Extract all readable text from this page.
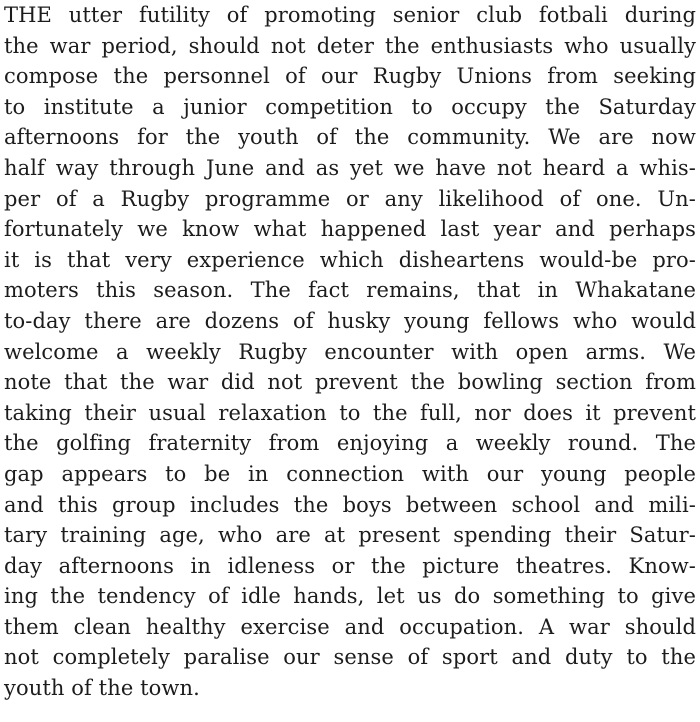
THE utter futility of promoting senior club fotbali during
the war period, should not deter the enthusiasts who usually
compose the personnel of our Rugby Unions from seeking
to institute a junior competition to occupy the Saturday
afternoons for the youth of the community. We are now
half way through June and as yet we have not heard a whis-
per of a Rugby programme or any likelihood of one. Un-
fortunately we know what happened last year and perhaps
it is that very experience which disheartens would-be pro-
moters this season. The fact remains, that in Whakatane
to-day there are dozens of husky young fellows who would
welcome a weekly Rugby encounter with open arms. We
note that the war did not prevent the bowling section from
taking their usual relaxation to the full, nor does it prevent
the golfing fraternity from enjoying a weekly round. The
gap appears to be in connection with our young people
and this group includes the boys between school and mili-
tary training age, who are at present spending their Satur-
day afternoons in idleness or the picture theatres. Know-
ing the tendency of idle hands, let us do something to give
them clean healthy exercise and occupation. A war should
not completely paralise our sense of sport and duty to the
youth of the town.
